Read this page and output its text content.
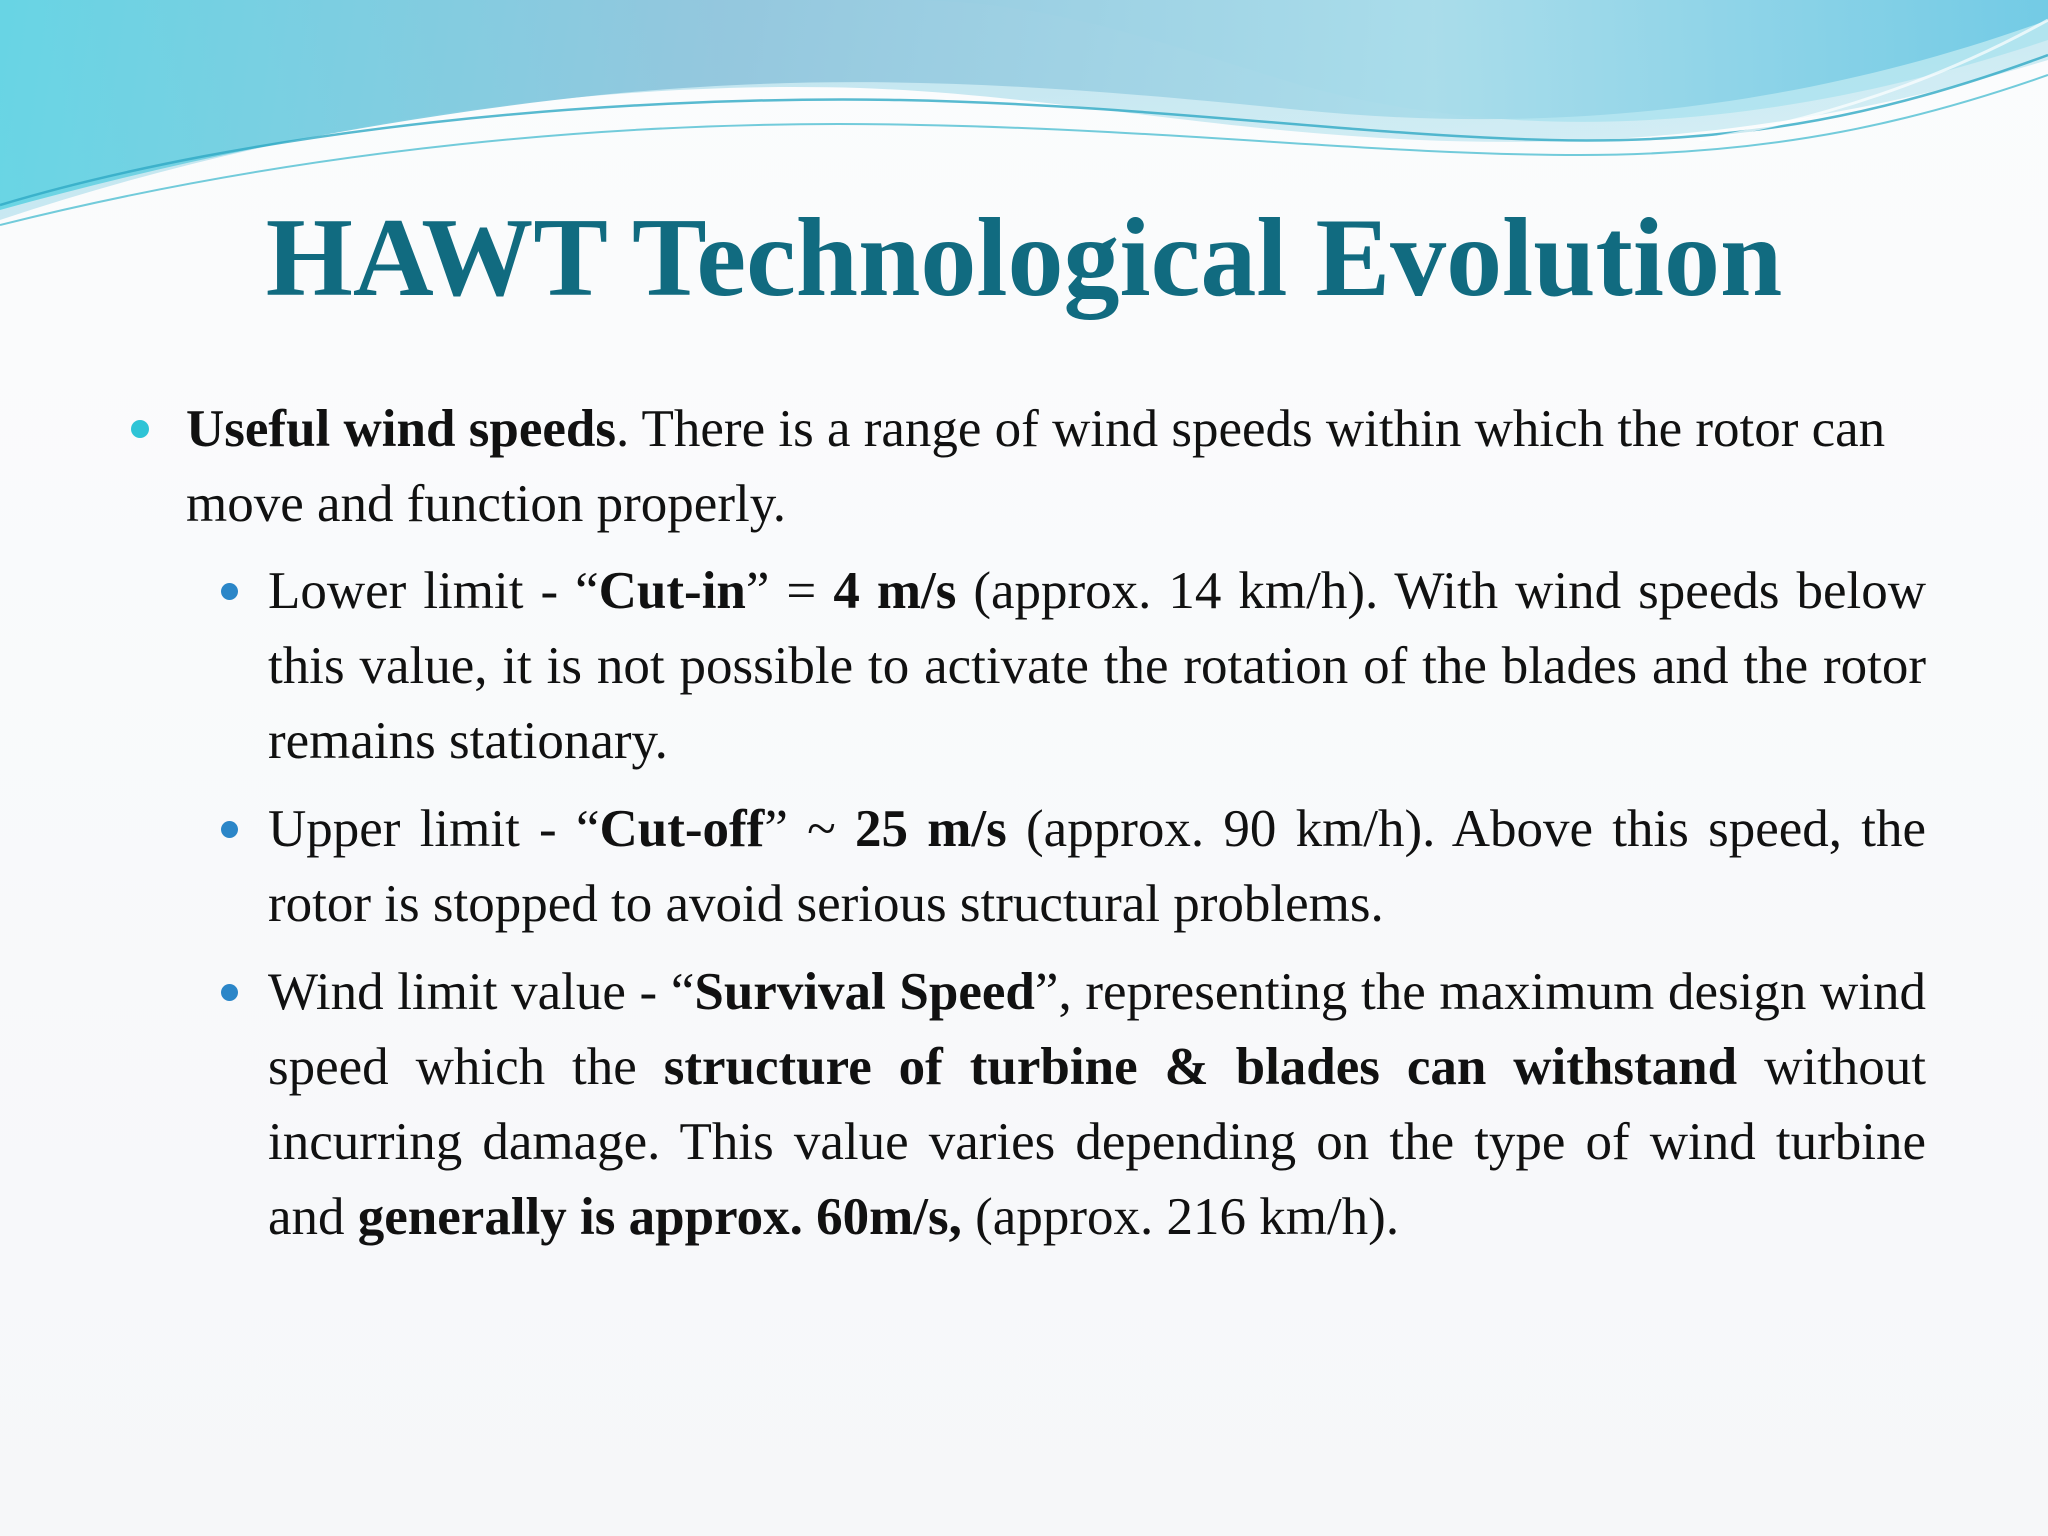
HAWT Technological Evolution
Useful wind speeds. There is a range of wind speeds within which the rotor can move and function properly.
Lower limit - “Cut-in” = 4 m/s (approx. 14 km/h). With wind speeds below this value, it is not possible to activate the rotation of the blades and the rotor remains stationary.
Upper limit - “Cut-off” ~ 25 m/s (approx. 90 km/h). Above this speed, the rotor is stopped to avoid serious structural problems.
Wind limit value - “Survival Speed”, representing the maximum design wind speed which the structure of turbine & blades can withstand without incurring damage. This value varies depending on the type of wind turbine and generally is approx. 60m/s, (approx. 216 km/h).
